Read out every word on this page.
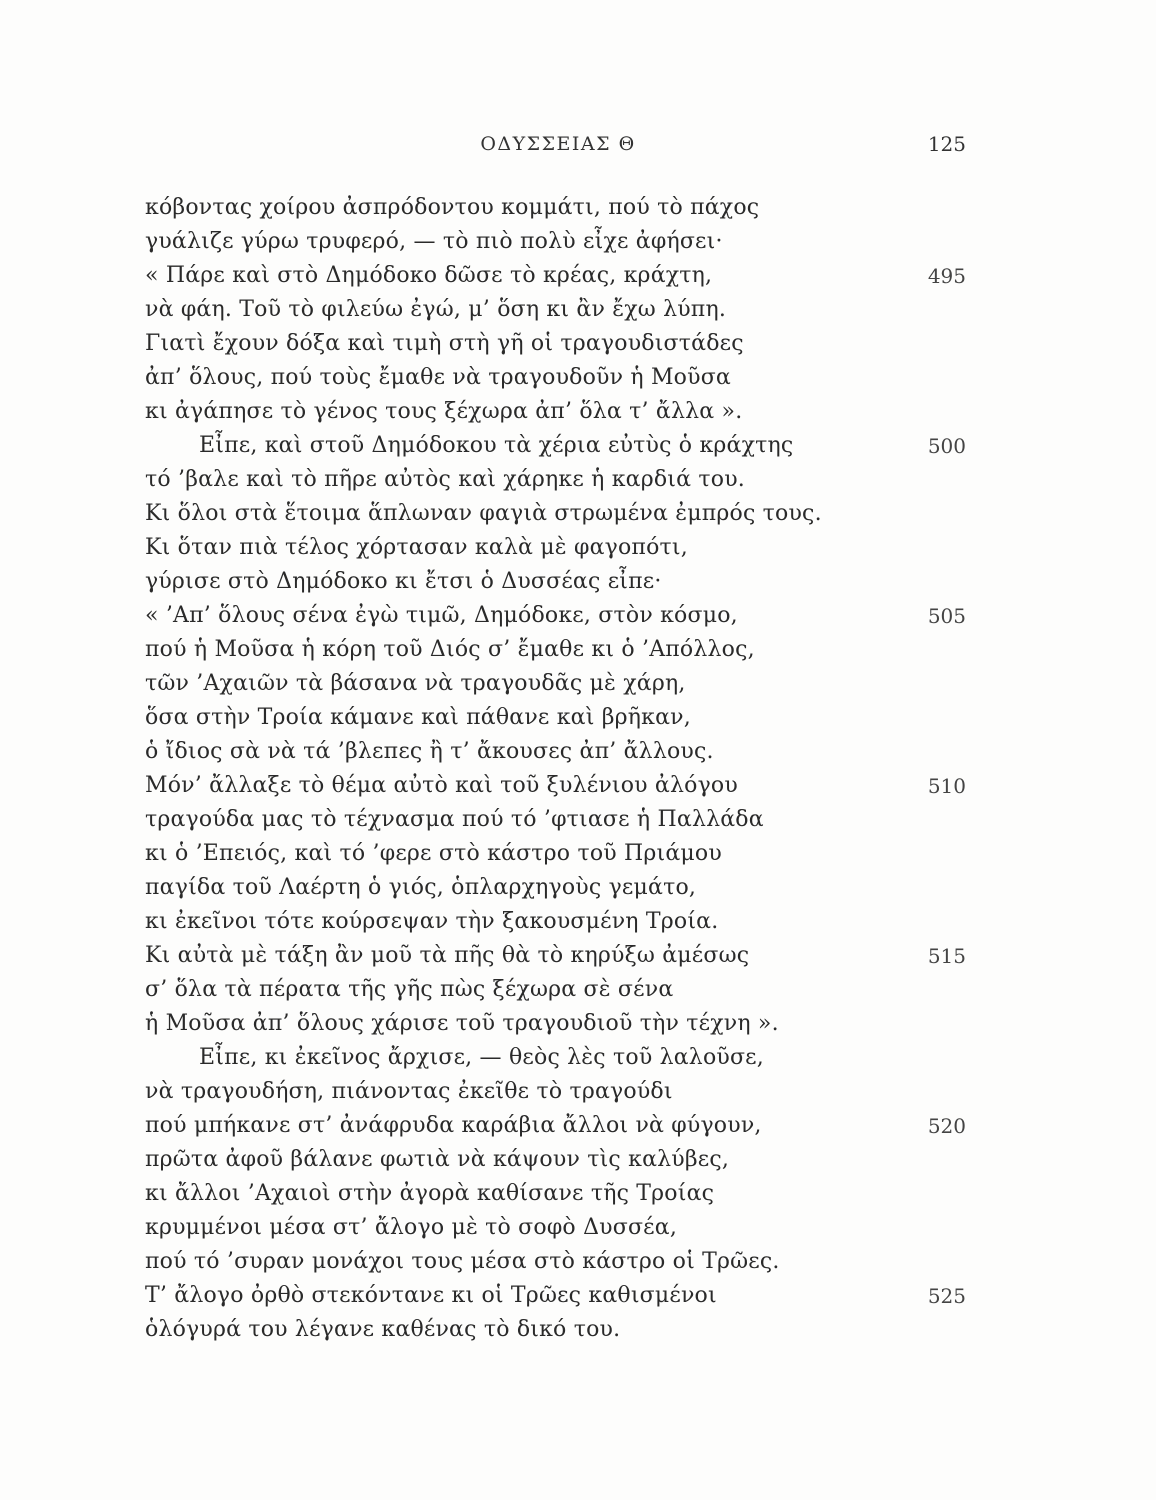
ΟΔΥΣΣΕΙΑΣ Θ	125
κόβοντας χοίρου ἀσπρόδοντου κομμάτι, πού τὸ πάχος
γυάλιζε γύρω τρυφερό, — τὸ πιὸ πολὺ εἶχε ἀφήσει·
« Πάρε καὶ στὸ Δημόδοκο δῶσε τὸ κρέας, κράχτη,	495
νὰ φάη. Τοῦ τὸ φιλεύω ἐγώ, μ’ ὅση κι ἂν ἔχω λύπη.
Γιατὶ ἔχουν δόξα καὶ τιμὴ στὴ γῆ οἱ τραγουδιστάδες
ἀπ’ ὅλους, πού τοὺς ἔμαθε νὰ τραγουδοῦν ἡ Μοῦσα
κι ἀγάπησε τὸ γένος τους ξέχωρα ἀπ’ ὅλα τ’ ἄλλα ».
Εἶπε, καὶ στοῦ Δημόδοκου τὰ χέρια εὐτὺς ὁ κράχτης	500
τό ’βαλε καὶ τὸ πῆρε αὐτὸς καὶ χάρηκε ἡ καρδιά του.
Κι ὅλοι στὰ ἕτοιμα ἅπλωναν φαγιὰ στρωμένα ἐμπρός τους.
Κι ὅταν πιὰ τέλος χόρτασαν καλὰ μὲ φαγοπότι,
γύρισε στὸ Δημόδοκο κι ἔτσι ὁ Δυσσέας εἶπε·
« ’Απ’ ὅλους σένα ἐγὼ τιμῶ, Δημόδοκε, στὸν κόσμο,	505
πού ἡ Μοῦσα ἡ κόρη τοῦ Διός σ’ ἔμαθε κι ὁ ’Απόλλος,
τῶν ’Αχαιῶν τὰ βάσανα νὰ τραγουδᾶς μὲ χάρη,
ὅσα στὴν Τροία κάμανε καὶ πάθανε καὶ βρῆκαν,
ὁ ἴδιος σὰ νὰ τά ’βλεπες ἢ τ’ ἄκουσες ἀπ’ ἄλλους.
Μόν’ ἄλλαξε τὸ θέμα αὐτὸ καὶ τοῦ ξυλένιου ἀλόγου	510
τραγούδα μας τὸ τέχνασμα πού τό ’φτιασε ἡ Παλλάδα
κι ὁ ’Επειός, καὶ τό ’φερε στὸ κάστρο τοῦ Πριάμου
παγίδα τοῦ Λαέρτη ὁ γιός, ὁπλαρχηγοὺς γεμάτο,
κι ἐκεῖνοι τότε κούρσεψαν τὴν ξακουσμένη Τροία.
Κι αὐτὰ μὲ τάξη ἂν μοῦ τὰ πῆς θὰ τὸ κηρύξω ἀμέσως	515
σ’ ὅλα τὰ πέρατα τῆς γῆς πὼς ξέχωρα σὲ σένα
ἡ Μοῦσα ἀπ’ ὅλους χάρισε τοῦ τραγουδιοῦ τὴν τέχνη ».
Εἶπε, κι ἐκεῖνος ἄρχισε, — θεὸς λὲς τοῦ λαλοῦσε,
νὰ τραγουδήση, πιάνοντας ἐκεῖθε τὸ τραγούδι
πού μπήκανε στ’ ἀνάφρυδα καράβια ἄλλοι νὰ φύγουν,	520
πρῶτα ἀφοῦ βάλανε φωτιὰ νὰ κάψουν τὶς καλύβες,
κι ἄλλοι ’Αχαιοὶ στὴν ἀγορὰ καθίσανε τῆς Τροίας
κρυμμένοι μέσα στ’ ἄλογο μὲ τὸ σοφὸ Δυσσέα,
πού τό ’συραν μονάχοι τους μέσα στὸ κάστρο οἱ Τρῶες.
Τ’ ἄλογο ὀρθὸ στεκόντανε κι οἱ Τρῶες καθισμένοι	525
ὁλόγυρά του λέγανε καθένας τὸ δικό του.
